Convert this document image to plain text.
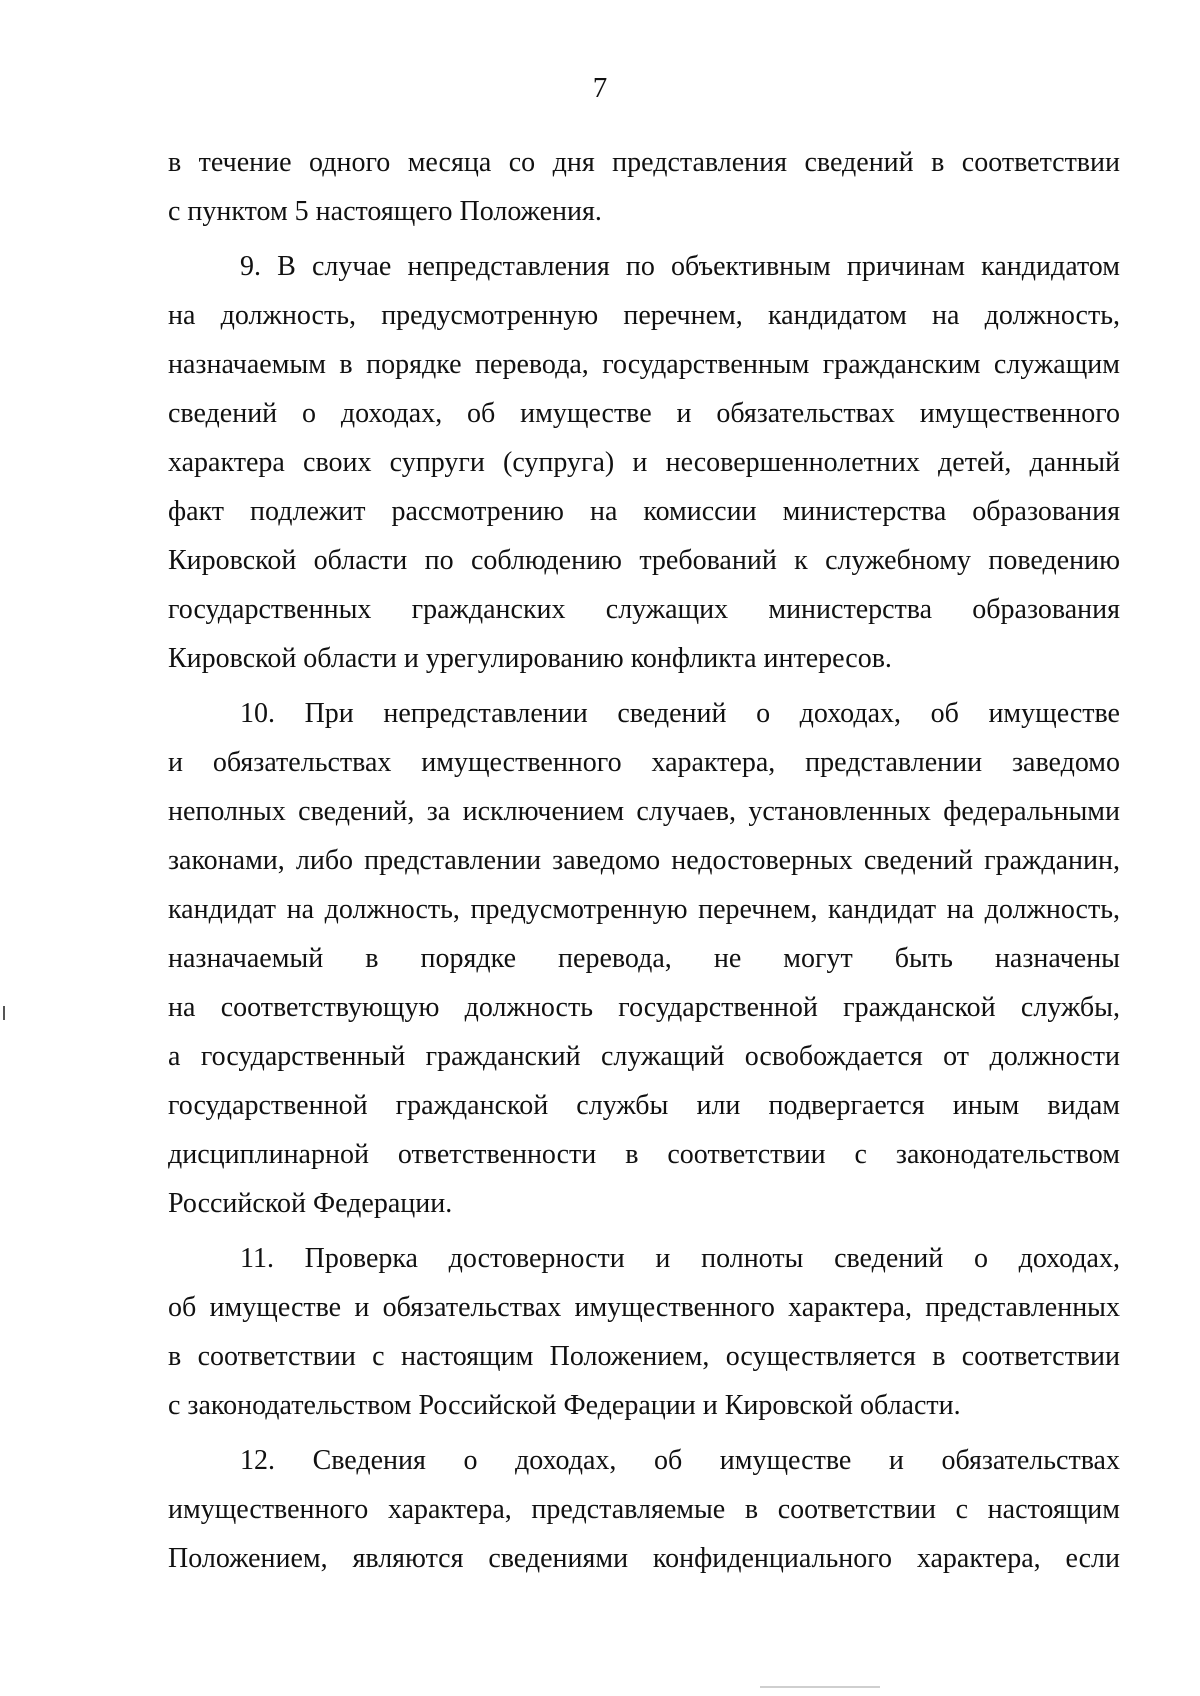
7
в течение одного месяца со дня представления сведений в соответствии
с пунктом 5 настоящего Положения.
9. В случае непредставления по объективным причинам кандидатом
на должность, предусмотренную перечнем, кандидатом на должность,
назначаемым в порядке перевода, государственным гражданским служащим
сведений о доходах, об имуществе и обязательствах имущественного
характера своих супруги (супруга) и несовершеннолетних детей, данный
факт подлежит рассмотрению на комиссии министерства образования
Кировской области по соблюдению требований к служебному поведению
государственных гражданских служащих министерства образования
Кировской области и урегулированию конфликта интересов.
10. При непредставлении сведений о доходах, об имуществе
и обязательствах имущественного характера, представлении заведомо
неполных сведений, за исключением случаев, установленных федеральными
законами, либо представлении заведомо недостоверных сведений гражданин,
кандидат на должность, предусмотренную перечнем, кандидат на должность,
назначаемый в порядке перевода, не могут быть назначены
на соответствующую должность государственной гражданской службы,
а государственный гражданский служащий освобождается от должности
государственной гражданской службы или подвергается иным видам
дисциплинарной ответственности в соответствии с законодательством
Российской Федерации.
11. Проверка достоверности и полноты сведений о доходах,
об имуществе и обязательствах имущественного характера, представленных
в соответствии с настоящим Положением, осуществляется в соответствии
с законодательством Российской Федерации и Кировской области.
12. Сведения о доходах, об имуществе и обязательствах
имущественного характера, представляемые в соответствии с настоящим
Положением, являются сведениями конфиденциального характера, если
